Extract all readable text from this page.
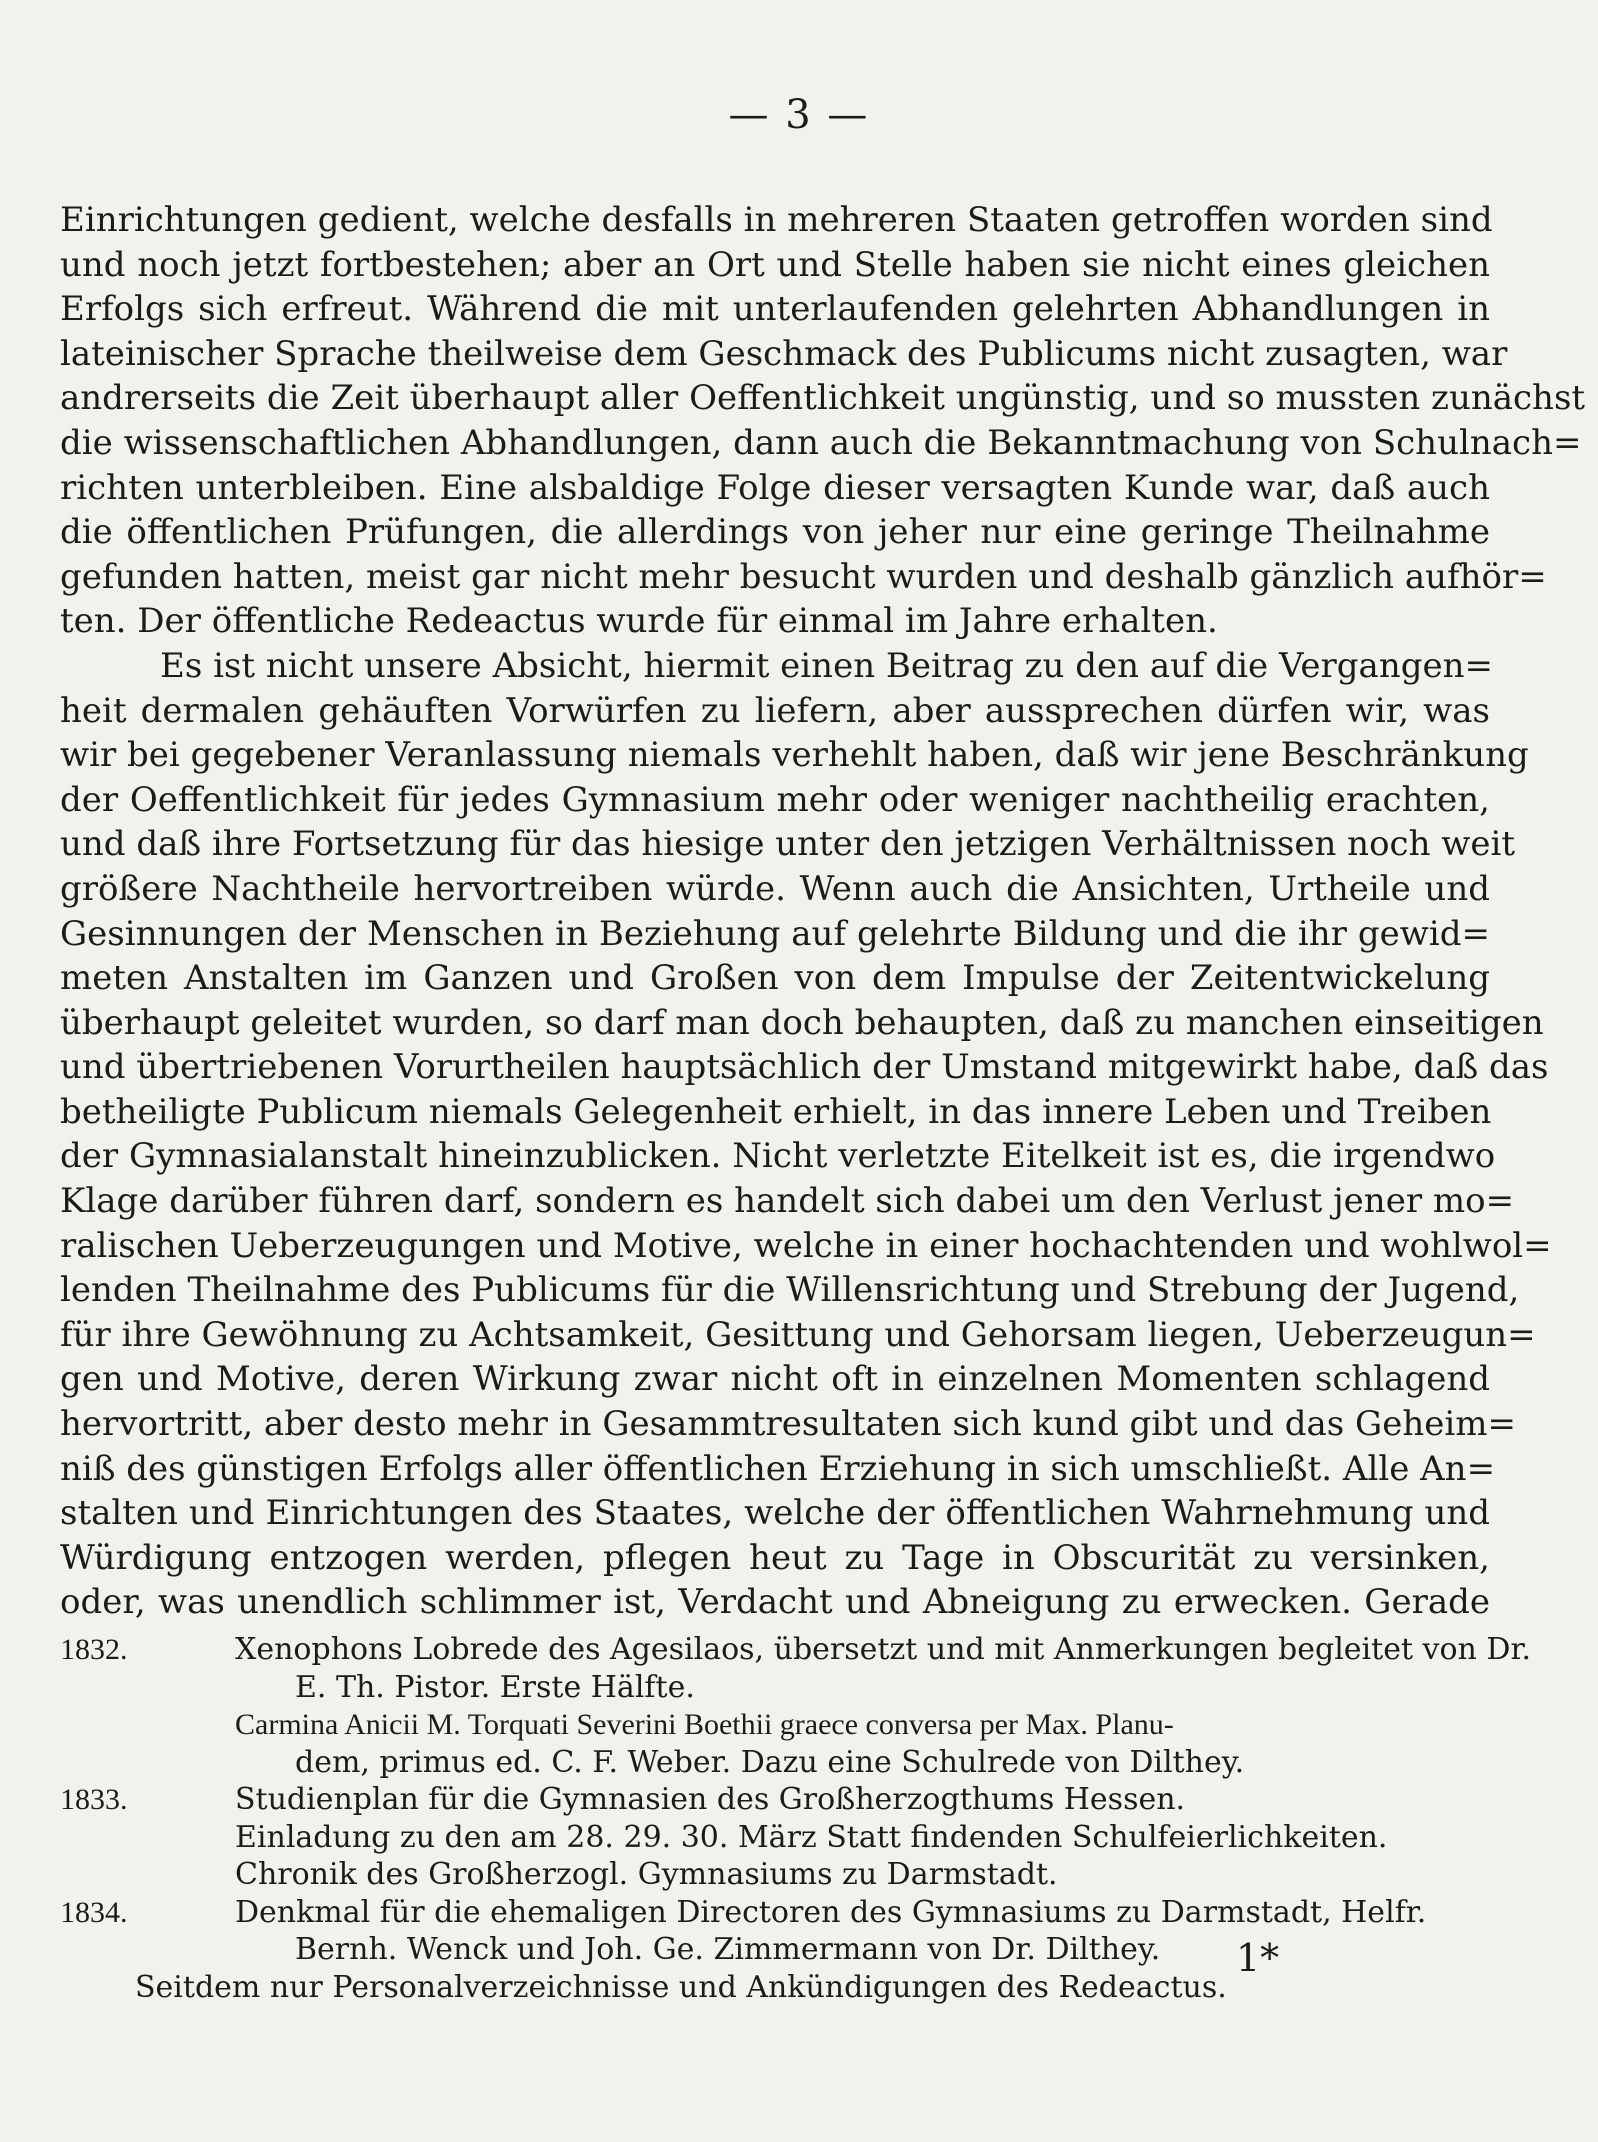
— 3 —
Einrichtungen gedient, welche desfalls in mehreren Staaten getroffen worden sind
und noch jetzt fortbestehen; aber an Ort und Stelle haben sie nicht eines gleichen
Erfolgs sich erfreut. Während die mit unterlaufenden gelehrten Abhandlungen in
lateinischer Sprache theilweise dem Geschmack des Publicums nicht zusagten, war
andrerseits die Zeit überhaupt aller Oeffentlichkeit ungünstig, und so mussten zunächst
die wissenschaftlichen Abhandlungen, dann auch die Bekanntmachung von Schulnach=
richten unterbleiben. Eine alsbaldige Folge dieser versagten Kunde war, daß auch
die öffentlichen Prüfungen, die allerdings von jeher nur eine geringe Theilnahme
gefunden hatten, meist gar nicht mehr besucht wurden und deshalb gänzlich aufhör=
ten. Der öffentliche Redeactus wurde für einmal im Jahre erhalten.
Es ist nicht unsere Absicht, hiermit einen Beitrag zu den auf die Vergangen=
heit dermalen gehäuften Vorwürfen zu liefern, aber aussprechen dürfen wir, was
wir bei gegebener Veranlassung niemals verhehlt haben, daß wir jene Beschränkung
der Oeffentlichkeit für jedes Gymnasium mehr oder weniger nachtheilig erachten,
und daß ihre Fortsetzung für das hiesige unter den jetzigen Verhältnissen noch weit
größere Nachtheile hervortreiben würde. Wenn auch die Ansichten, Urtheile und
Gesinnungen der Menschen in Beziehung auf gelehrte Bildung und die ihr gewid=
meten Anstalten im Ganzen und Großen von dem Impulse der Zeitentwickelung
überhaupt geleitet wurden, so darf man doch behaupten, daß zu manchen einseitigen
und übertriebenen Vorurtheilen hauptsächlich der Umstand mitgewirkt habe, daß das
betheiligte Publicum niemals Gelegenheit erhielt, in das innere Leben und Treiben
der Gymnasialanstalt hineinzublicken. Nicht verletzte Eitelkeit ist es, die irgendwo
Klage darüber führen darf, sondern es handelt sich dabei um den Verlust jener mo=
ralischen Ueberzeugungen und Motive, welche in einer hochachtenden und wohlwol=
lenden Theilnahme des Publicums für die Willensrichtung und Strebung der Jugend,
für ihre Gewöhnung zu Achtsamkeit, Gesittung und Gehorsam liegen, Ueberzeugun=
gen und Motive, deren Wirkung zwar nicht oft in einzelnen Momenten schlagend
hervortritt, aber desto mehr in Gesammtresultaten sich kund gibt und das Geheim=
niß des günstigen Erfolgs aller öffentlichen Erziehung in sich umschließt. Alle An=
stalten und Einrichtungen des Staates, welche der öffentlichen Wahrnehmung und
Würdigung entzogen werden, pflegen heut zu Tage in Obscurität zu versinken,
oder, was unendlich schlimmer ist, Verdacht und Abneigung zu erwecken. Gerade
1832.	Xenophons Lobrede des Agesilaos, übersetzt und mit Anmerkungen begleitet von Dr.
E. Th. Pistor. Erste Hälfte.
Carmina Anicii M. Torquati Severini Boethii graece conversa per Max. Planu-
dem, primus ed. C. F. Weber. Dazu eine Schulrede von Dilthey.
1833.	Studienplan für die Gymnasien des Großherzogthums Hessen.
Einladung zu den am 28. 29. 30. März Statt findenden Schulfeierlichkeiten.
Chronik des Großherzogl. Gymnasiums zu Darmstadt.
1834.	Denkmal für die ehemaligen Directoren des Gymnasiums zu Darmstadt, Helfr.
Bernh. Wenck und Joh. Ge. Zimmermann von Dr. Dilthey.
Seitdem nur Personalverzeichnisse und Ankündigungen des Redeactus.
1*
